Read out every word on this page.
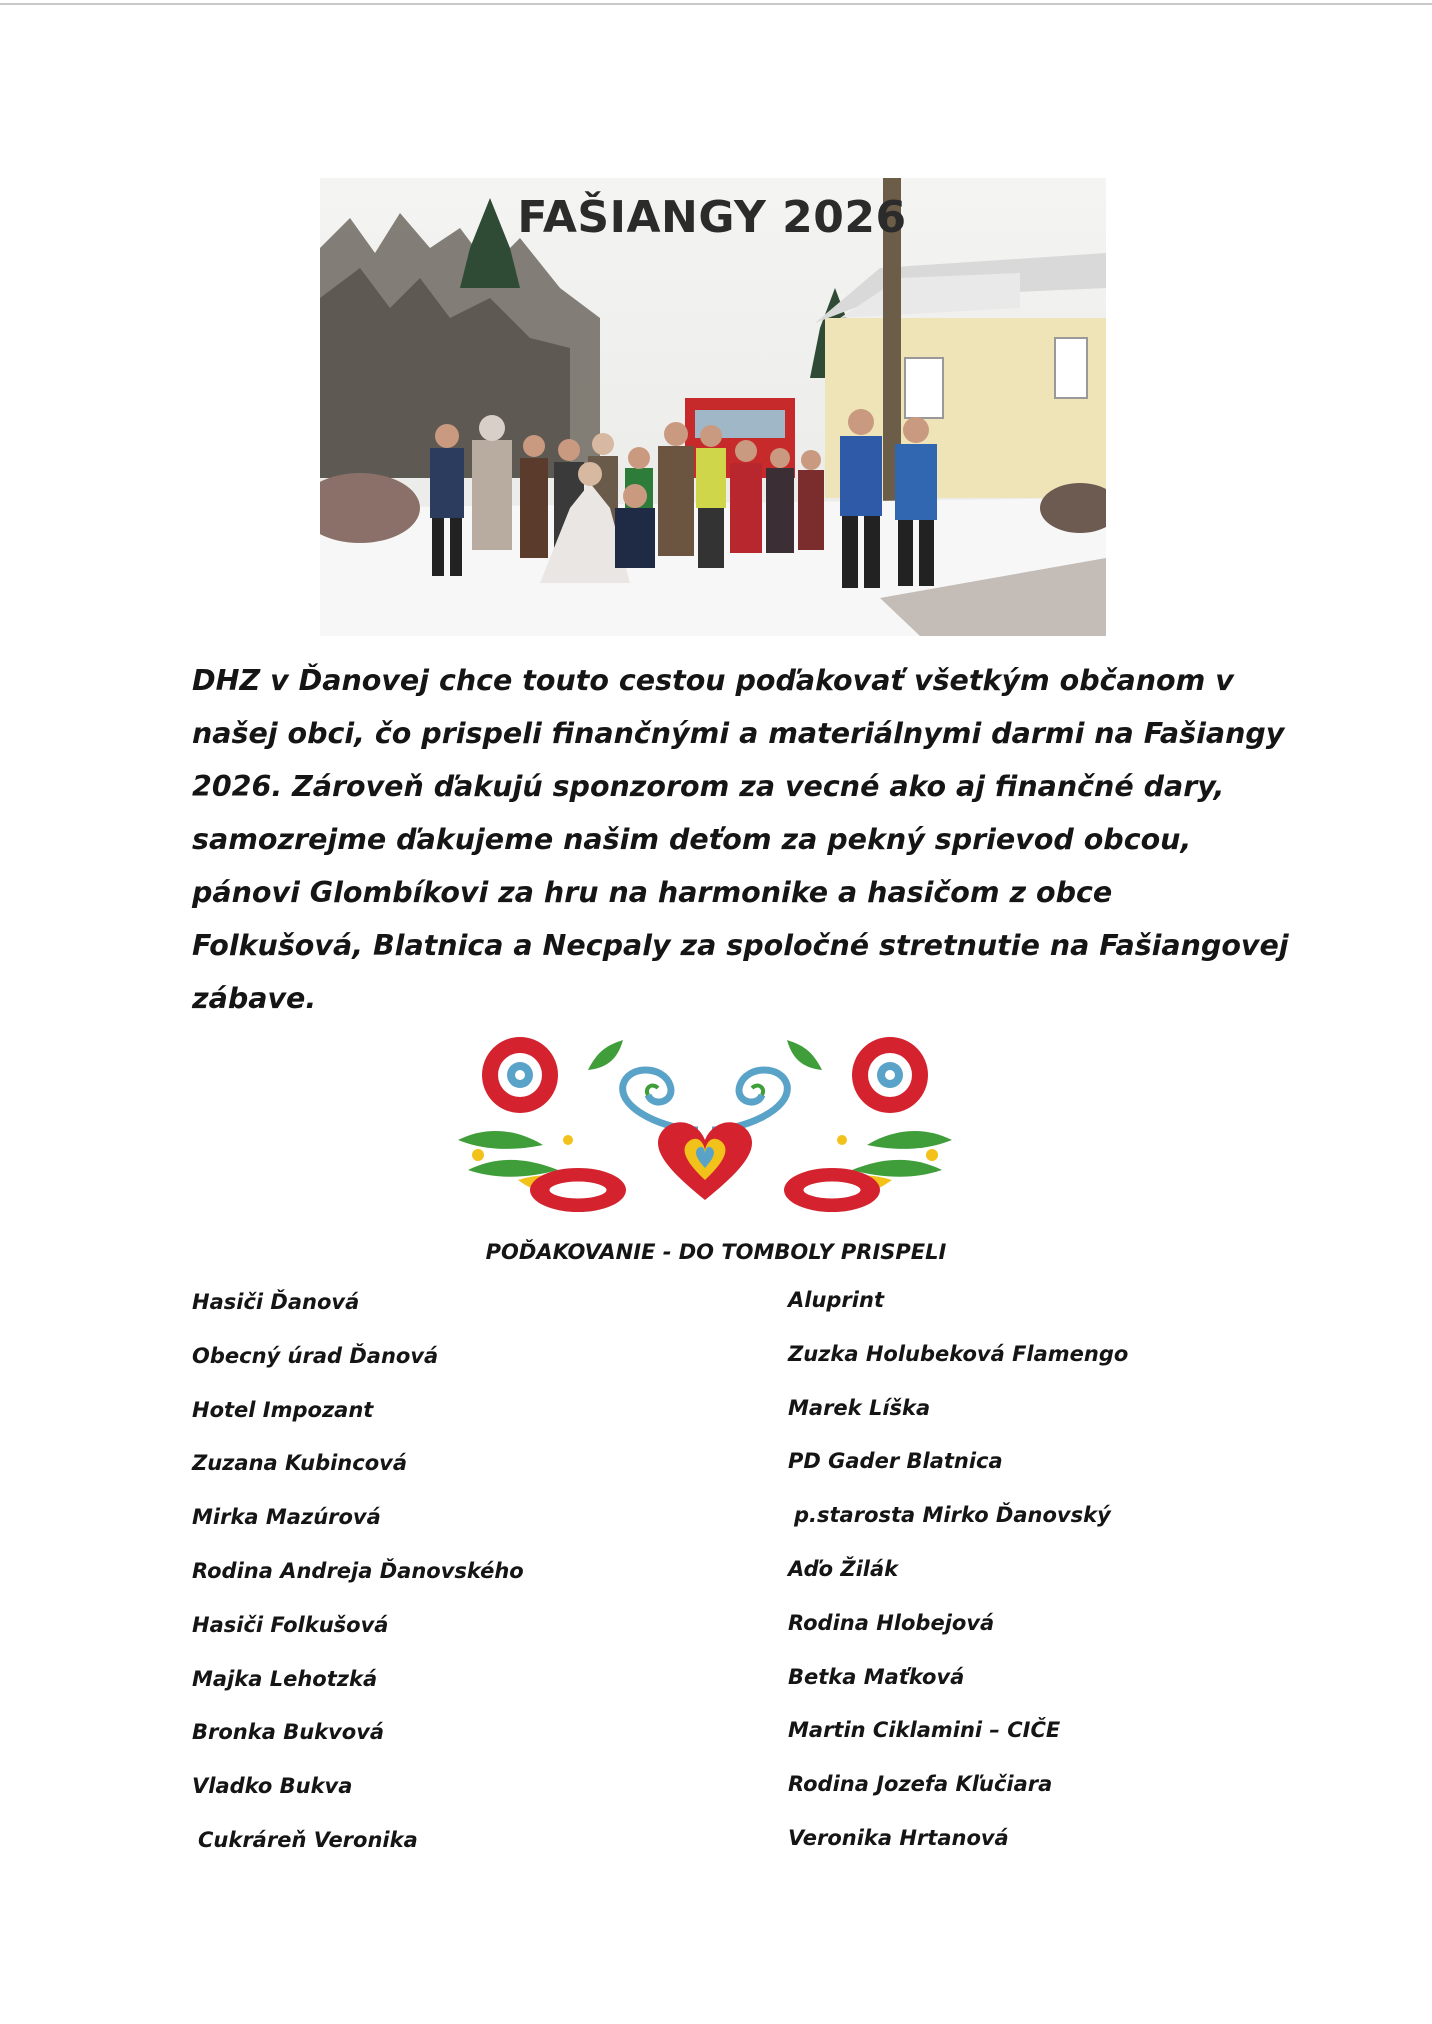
FAŠIANGY 2026

DHZ v Ďanovej chce touto cestou poďakovať všetkým občanom v našej obci, čo prispeli finančnými a materiálnymi darmi na Fašiangy 2026. Zároveň ďakujú sponzorom za vecné ako aj finančné dary, samozrejme ďakujeme našim deťom za pekný sprievod obcou, pánovi Glombíkovi za hru na harmonike a hasičom z obce Folkušová, Blatnica a Necpaly za spoločné stretnutie na Fašiangovej zábave.

POĎAKOVANIE - DO TOMBOLY PRISPELI
Hasiči Ďanová
Obecný úrad Ďanová
Hotel Impozant
Zuzana Kubincová
Mirka Mazúrová
Rodina Andreja Ďanovského
Hasiči Folkušová
Majka Lehotzká
Bronka Bukvová
Vladko Bukva
Cukráreň Veronika
Aluprint
Zuzka Holubeková Flamengo
Marek Líška
PD Gader Blatnica
p.starosta Mirko Ďanovský
Aďo Žilák
Rodina Hlobejová
Betka Maťková
Martin Ciklamini – CIČE
Rodina Jozefa Kľučiara
Veronika Hrtanová
